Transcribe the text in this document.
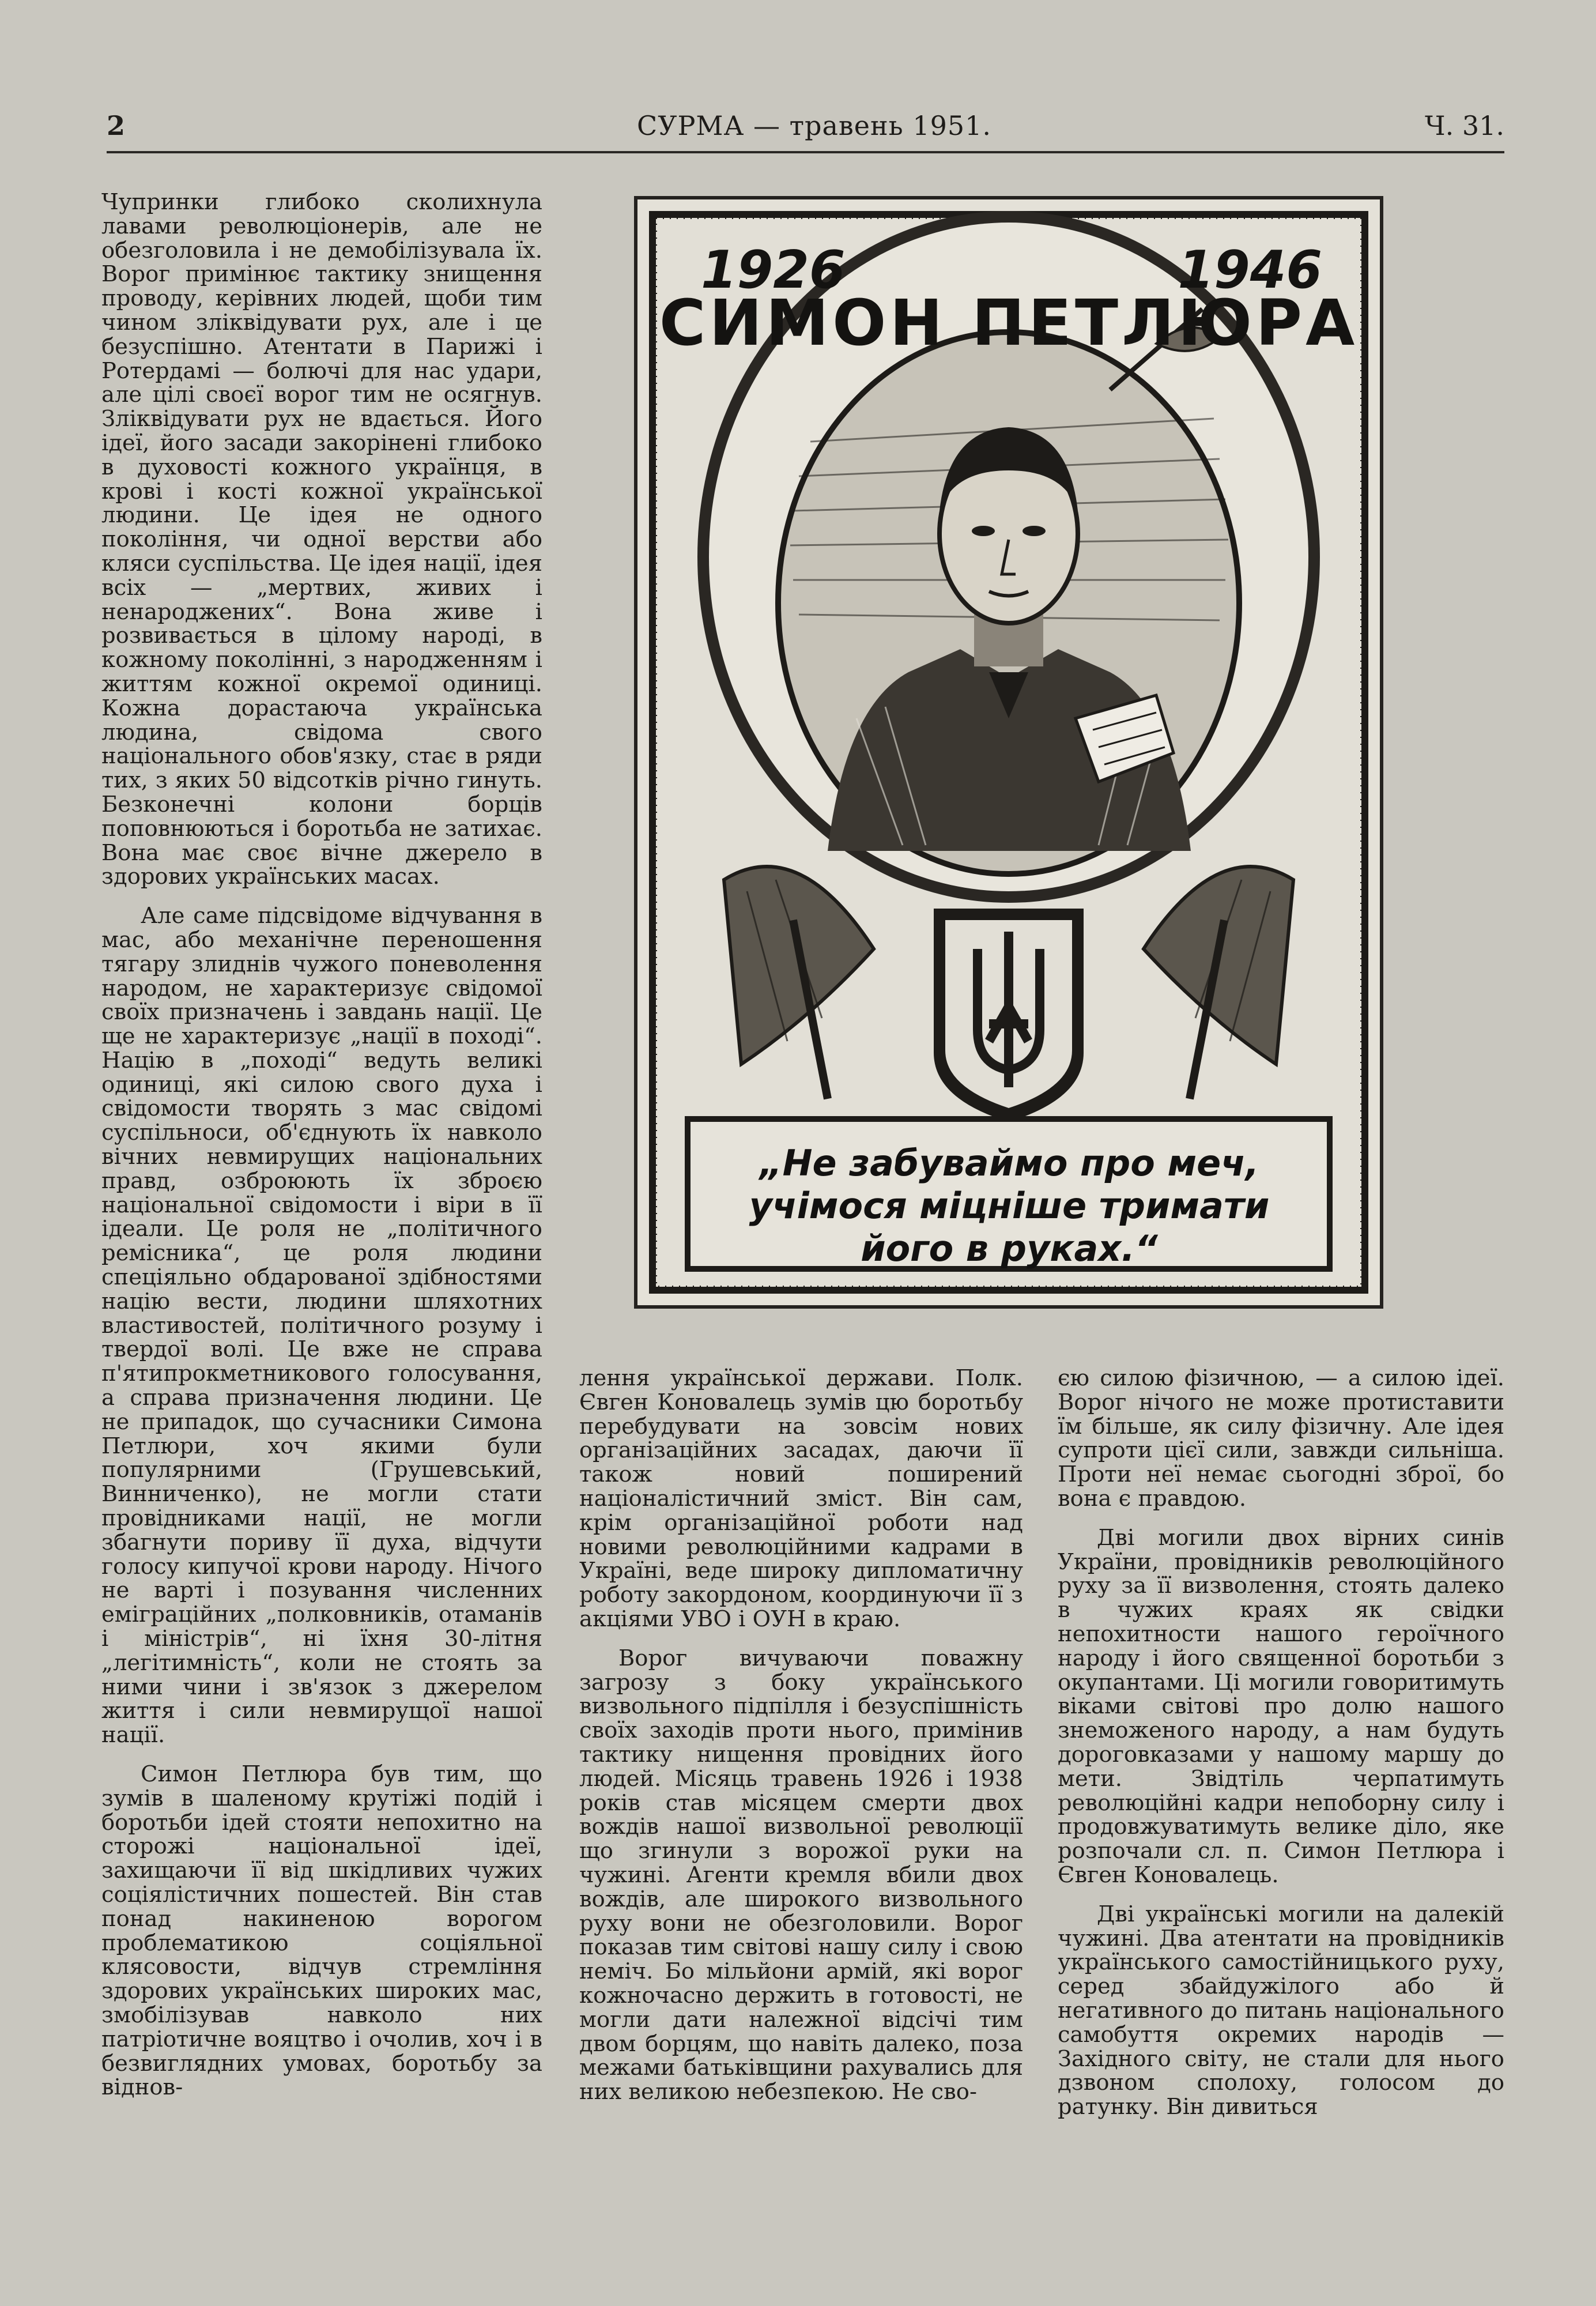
2	СУРМА — травень 1951.	Ч. 31.

Чупринки глибоко сколихнула лавами революціонерів, але не обезголовила і не демобілізувала їх. Ворог примінює тактику знищення проводу, керівних людей, щоби тим чином зліквідувати рух, але і це безуспішно. Атентати в Парижі і Ротердамі — болючі для нас удари, але цілі своєї ворог тим не осягнув. Зліквідувати рух не вдається. Його ідеї, його засади закорінені глибоко в духовості кожного українця, в крові і кості кожної української людини. Це ідея не одного покоління, чи одної верстви або кляси суспільства. Це ідея нації, ідея всіх — „мертвих, живих і ненароджених“. Вона живе і розвивається в цілому народі, в кожному поколінні, з народженням і життям кожної окремої одиниці. Кожна дорастаюча українська людина, свідома свого національного обов'язку, стає в ряди тих, з яких 50 відсотків річно гинуть. Безконечні колони борців поповнюються і боротьба не затихає. Вона має своє вічне джерело в здорових українських масах.

Але саме підсвідоме відчування в мас, або механічне переношення тягару злиднів чужого поневолення народом, не характеризує свідомої своїх призначень і завдань нації. Це ще не характеризує „нації в поході“. Націю в „поході“ ведуть великі одиниці, які силою свого духа і свідомости творять з мас свідомі суспільноси, об'єднують їх навколо вічних невмирущих національних правд, озброюють їх зброєю національної свідомости і віри в її ідеали. Це роля не „політичного ремісника“, це роля людини спеціяльно обдарованої здібностями націю вести, людини шляхотних властивостей, політичного розуму і твердої волі. Це вже не справа п'ятипрокметникового голосування, а справа призначення людини. Це не припадок, що сучасники Симона Петлюри, хоч якими були популярними (Грушевський, Винниченко), не могли стати провідниками нації, не могли збагнути пориву її духа, відчути голосу кипучої крови народу. Нічого не варті і позування численних еміграційних „полковників, отаманів і міністрів“, ні їхня 30-літня „легітимність“, коли не стоять за ними чини і зв'язок з джерелом життя і сили невмирущої нашої нації.

Симон Петлюра був тим, що зумів в шаленому крутіжі подій і боротьби ідей стояти непохитно на сторожі національної ідеї, захищаючи її від шкідливих чужих соціялістичних пошестей. Він став понад накиненою ворогом проблематикою соціяльної клясовости, відчув стремління здорових українських широких мас, змобілізував навколо них патріотичне вояцтво і очолив, хоч і в безвиглядних умовах, боротьбу за віднов-

1926	1946
СИМОН ПЕТЛЮРА
„Не забуваймо про меч,
учімося міцніше тримати
його в руках.“

лення української держави. Полк. Євген Коновалець зумів цю боротьбу перебудувати на зовсім нових організаційних засадах, даючи її також новий поширений націоналістичний зміст. Він сам, крім організаційної роботи над новими революційними кадрами в Україні, веде широку дипломатичну роботу закордоном, координуючи її з акціями УВО і ОУН в краю.

Ворог вичуваючи поважну загрозу з боку українського визвольного підпілля і безуспішність своїх заходів проти нього, примінив тактику нищення провідних його людей. Місяць травень 1926 і 1938 років став місяцем смерти двох вождів нашої визвольної революції що згинули з ворожої руки на чужині. Агенти кремля вбили двох вождів, але широкого визвольного руху вони не обезголовили. Ворог показав тим світові нашу силу і свою неміч. Бо мільйони армій, які ворог кожночасно держить в готовості, не могли дати належної відсічі тим двом борцям, що навіть далеко, поза межами батьківщини рахувались для них великою небезпекою. Не сво-

єю силою фізичною, — а силою ідеї. Ворог нічого не може протиставити їм більше, як силу фізичну. Але ідея супроти цієї сили, завжди сильніша. Проти неї немає сьогодні зброї, бо вона є правдою.

Дві могили двох вірних синів України, провідників революційного руху за її визволення, стоять далеко в чужих краях як свідки непохитности нашого героїчного народу і його священної боротьби з окупантами. Ці могили говоритимуть віками світові про долю нашого знеможеного народу, а нам будуть дороговказами у нашому маршу до мети. Звідтіль черпатимуть революційні кадри непоборну силу і продовжуватимуть велике діло, яке розпочали сл. п. Симон Петлюра і Євген Коновалець.

Дві українські могили на далекій чужині. Два атентати на провідників українського самостійницького руху, серед збайдужілого або й негативного до питань національного самобуття окремих народів — Західного світу, не стали для нього дзвоном сполоху, голосом до ратунку. Він дивиться
